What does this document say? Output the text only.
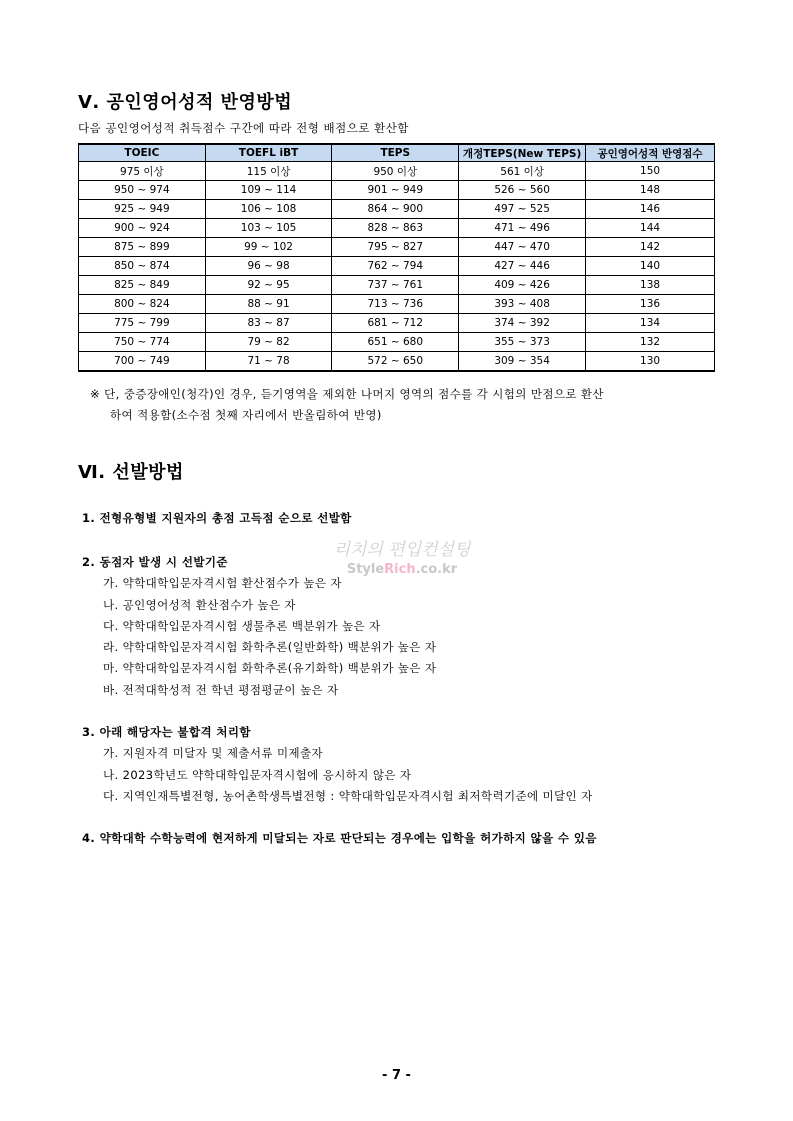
Ⅴ. 공인영어성적 반영방법
다음 공인영어성적 취득점수 구간에 따라 전형 배점으로 환산함
TOEIC	TOEFL iBT	TEPS	개정TEPS(New TEPS)	공인영어성적 반영점수
975 이상	115 이상	950 이상	561 이상	150
950 ~ 974	109 ~ 114	901 ~ 949	526 ~ 560	148
925 ~ 949	106 ~ 108	864 ~ 900	497 ~ 525	146
900 ~ 924	103 ~ 105	828 ~ 863	471 ~ 496	144
875 ~ 899	99 ~ 102	795 ~ 827	447 ~ 470	142
850 ~ 874	96 ~ 98	762 ~ 794	427 ~ 446	140
825 ~ 849	92 ~ 95	737 ~ 761	409 ~ 426	138
800 ~ 824	88 ~ 91	713 ~ 736	393 ~ 408	136
775 ~ 799	83 ~ 87	681 ~ 712	374 ~ 392	134
750 ~ 774	79 ~ 82	651 ~ 680	355 ~ 373	132
700 ~ 749	71 ~ 78	572 ~ 650	309 ~ 354	130
※ 단, 중증장애인(청각)인 경우, 듣기영역을 제외한 나머지 영역의 점수를 각 시험의 만점으로 환산
하여 적용함(소수점 첫째 자리에서 반올림하여 반영)
Ⅵ. 선발방법
1. 전형유형별 지원자의 총점 고득점 순으로 선발함
2. 동점자 발생 시 선발기준
가. 약학대학입문자격시험 환산점수가 높은 자
나. 공인영어성적 환산점수가 높은 자
다. 약학대학입문자격시험 생물추론 백분위가 높은 자
라. 약학대학입문자격시험 화학추론(일반화학) 백분위가 높은 자
마. 약학대학입문자격시험 화학추론(유기화학) 백분위가 높은 자
바. 전적대학성적 전 학년 평점평균이 높은 자
3. 아래 해당자는 불합격 처리함
가. 지원자격 미달자 및 제출서류 미제출자
나. 2023학년도 약학대학입문자격시험에 응시하지 않은 자
다. 지역인재특별전형, 농어촌학생특별전형 : 약학대학입문자격시험 최저학력기준에 미달인 자
4. 약학대학 수학능력에 현저하게 미달되는 자로 판단되는 경우에는 입학을 허가하지 않을 수 있음
리치의 편입컨설팅
StyleRich.co.kr
- 7 -
